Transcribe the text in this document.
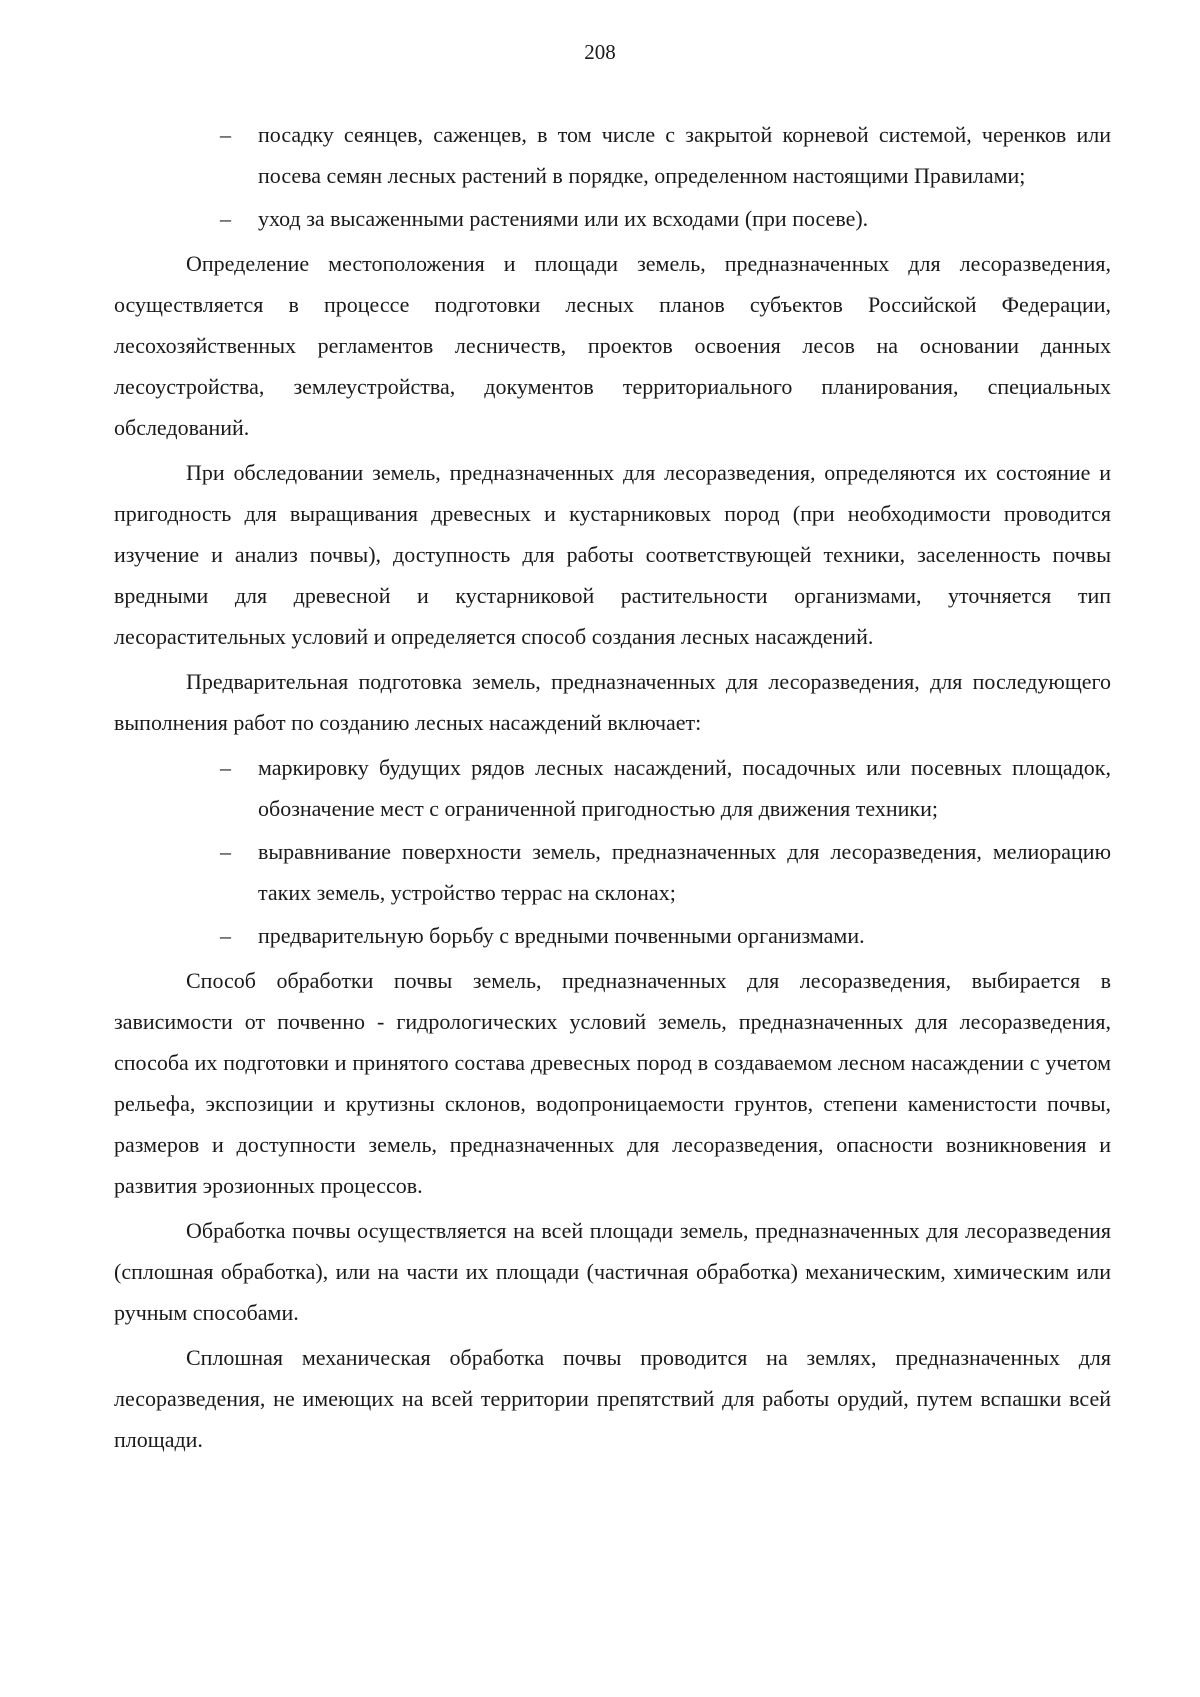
208
– посадку сеянцев, саженцев, в том числе с закрытой корневой системой, черенков или посева семян лесных растений в порядке, определенном настоящими Правилами;
– уход за высаженными растениями или их всходами (при посеве).

Определение местоположения и площади земель, предназначенных для лесоразведения, осуществляется в процессе подготовки лесных планов субъектов Российской Федерации, лесохозяйственных регламентов лесничеств, проектов освоения лесов на основании данных лесоустройства, землеустройства, документов территориального планирования, специальных обследований.

При обследовании земель, предназначенных для лесоразведения, определяются их состояние и пригодность для выращивания древесных и кустарниковых пород (при необходимости проводится изучение и анализ почвы), доступность для работы соответствующей техники, заселенность почвы вредными для древесной и кустарниковой растительности организмами, уточняется тип лесорастительных условий и определяется способ создания лесных насаждений.

Предварительная подготовка земель, предназначенных для лесоразведения, для последующего выполнения работ по созданию лесных насаждений включает:

– маркировку будущих рядов лесных насаждений, посадочных или посевных площадок, обозначение мест с ограниченной пригодностью для движения техники;
– выравнивание поверхности земель, предназначенных для лесоразведения, мелиорацию таких земель, устройство террас на склонах;
– предварительную борьбу с вредными почвенными организмами.

Способ обработки почвы земель, предназначенных для лесоразведения, выбирается в зависимости от почвенно - гидрологических условий земель, предназначенных для лесоразведения, способа их подготовки и принятого состава древесных пород в создаваемом лесном насаждении с учетом рельефа, экспозиции и крутизны склонов, водопроницаемости грунтов, степени каменистости почвы, размеров и доступности земель, предназначенных для лесоразведения, опасности возникновения и развития эрозионных процессов.

Обработка почвы осуществляется на всей площади земель, предназначенных для лесоразведения (сплошная обработка), или на части их площади (частичная обработка) механическим, химическим или ручным способами.

Сплошная механическая обработка почвы проводится на землях, предназначенных для лесоразведения, не имеющих на всей территории препятствий для работы орудий, путем вспашки всей площади.
